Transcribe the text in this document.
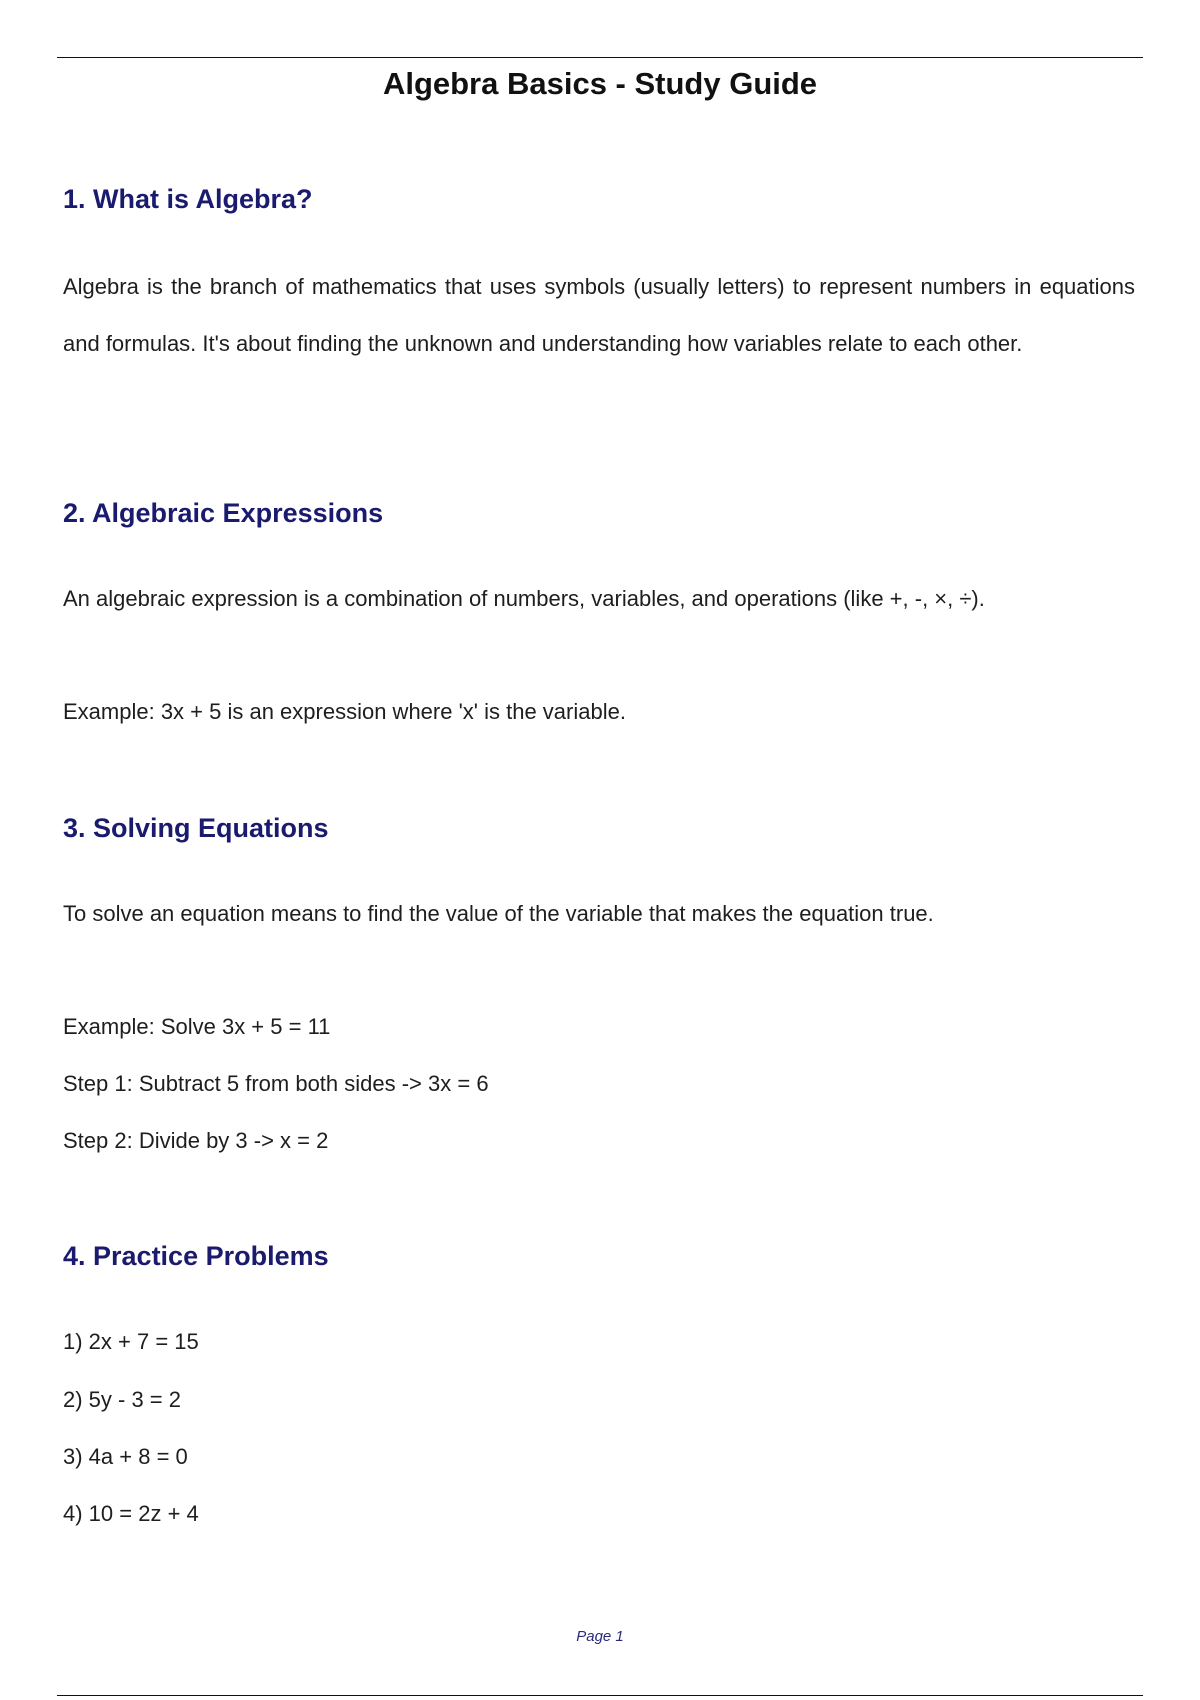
Algebra Basics - Study Guide
1. What is Algebra?

Algebra is the branch of mathematics that uses symbols (usually letters) to represent numbers in equations and formulas. It's about finding the unknown and understanding how variables relate to each other.

2. Algebraic Expressions

An algebraic expression is a combination of numbers, variables, and operations (like +, -, ×, ÷).

Example: 3x + 5 is an expression where 'x' is the variable.

3. Solving Equations

To solve an equation means to find the value of the variable that makes the equation true.

Example: Solve 3x + 5 = 11

Step 1: Subtract 5 from both sides -> 3x = 6

Step 2: Divide by 3 -> x = 2

4. Practice Problems

1) 2x + 7 = 15

2) 5y - 3 = 2

3) 4a + 8 = 0

4) 10 = 2z + 4

Page 1
